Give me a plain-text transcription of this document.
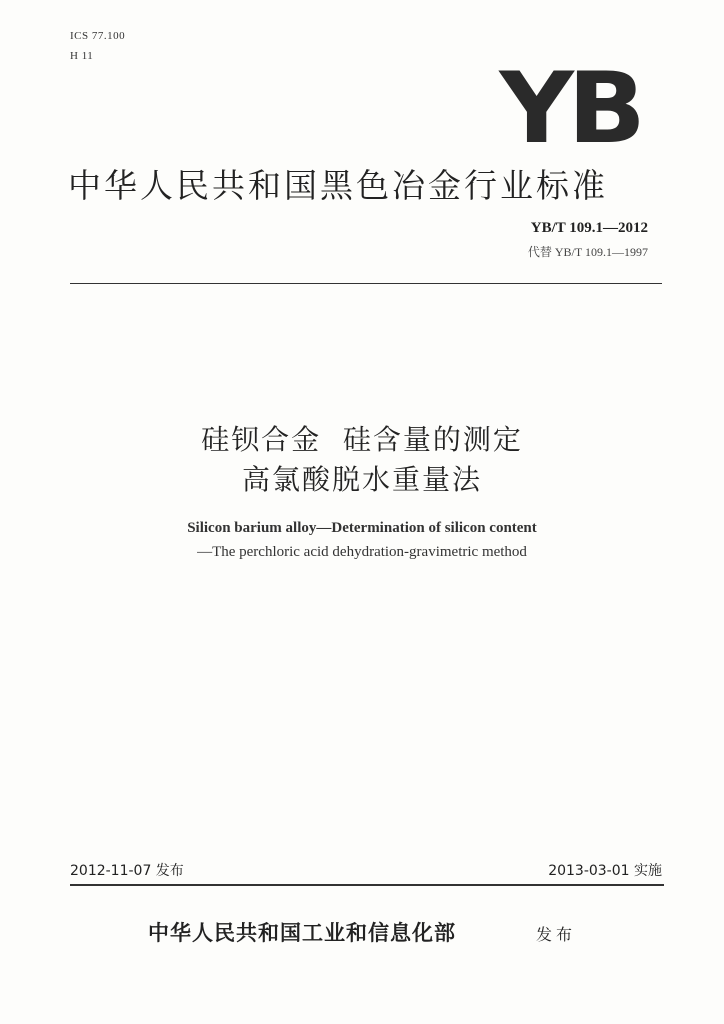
ICS 77.100
H 11	YB
中华人民共和国黑色冶金行业标准
YB/T 109.1—2012
代替 YB/T 109.1—1997
硅钡合金  硅含量的测定
高氯酸脱水重量法
Silicon barium alloy—Determination of silicon content
—The perchloric acid dehydration-gravimetric method
2012-11-07 发布	2013-03-01 实施
中华人民共和国工业和信息化部	发布
